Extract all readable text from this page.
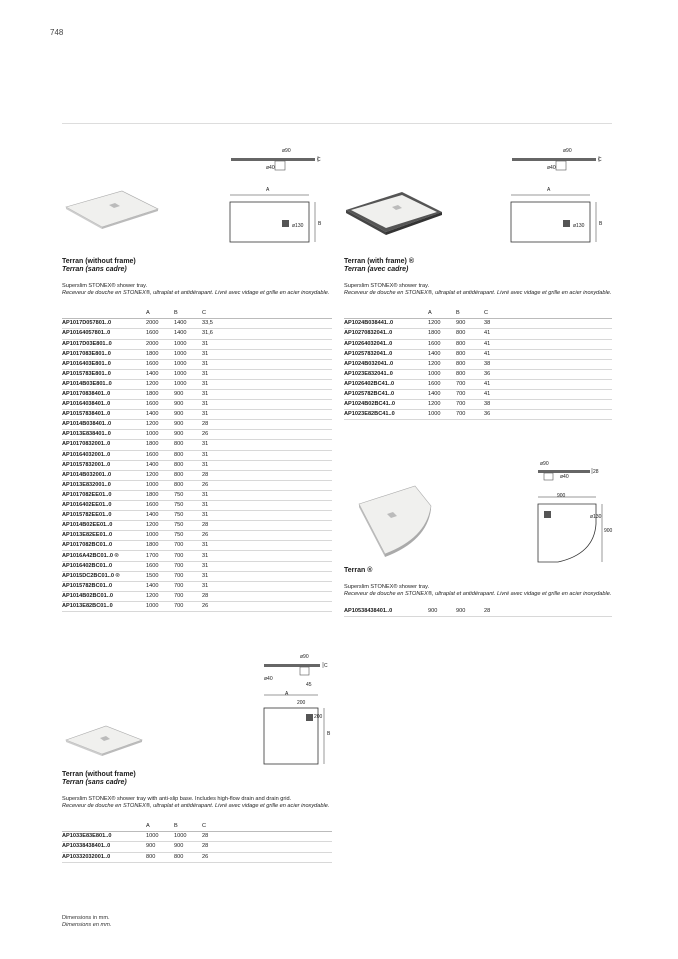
748
ø90
ø40
C
A
B
ø130
Terran (without frame)
Terran (sans cadre)
Superslim STONEX® shower tray.
Receveur de douche en STONEX®, ultraplat et antidérapant. Livré avec vidage et grille en acier inoxydable.
	A	B	C
AP1017D057801..0	2000	1400	33,5
AP10164057801..0	1600	1400	31,6
AP1017D03E801..0	2000	1000	31
AP1017083E801..0	1800	1000	31
AP1016403E801..0	1600	1000	31
AP1015783E801..0	1400	1000	31
AP1014B03E801..0	1200	1000	31
AP10170838401..0	1800	900	31
AP10164038401..0	1600	900	31
AP10157838401..0	1400	900	31
AP1014B038401..0	1200	900	28
AP1013E838401..0	1000	900	26
AP10170832001..0	1800	800	31
AP10164032001..0	1600	800	31
AP10157832001..0	1400	800	31
AP1014B032001..0	1200	800	28
AP1013E832001..0	1000	800	26
AP1017082EE01..0	1800	750	31
AP1016402EE01..0	1600	750	31
AP1015782EE01..0	1400	750	31
AP1014B02EE01..0	1200	750	28
AP1013E82EE01..0	1000	750	26
AP1017082BC01..0	1800	700	31
AP1016A42BC01..0 ®	1700	700	31
AP1016402BC01..0	1600	700	31
AP1015DC2BC01..0 ®	1500	700	31
AP1015782BC01..0	1400	700	31
AP1014B02BC01..0	1200	700	28
AP1013E82BC01..0	1000	700	26
ø90
ø40
C
A
B
ø130
Terran (with frame) ®
Terran (avec cadre)
Superslim STONEX® shower tray.
Receveur de douche en STONEX®, ultraplat et antidérapant. Livré avec vidage et grille en acier inoxydable.
	A	B	C
AP1024B038441..0	1200	900	38
AP10270832041..0	1800	800	41
AP10264032041..0	1600	800	41
AP10257832041..0	1400	800	41
AP1024B032041..0	1200	800	38
AP1023E832041..0	1000	800	36
AP1026402BC41..0	1600	700	41
AP1025782BC41..0	1400	700	41
AP1024B02BC41..0	1200	700	38
AP1023E82BC41..0	1000	700	36
ø90
ø40
28
900
900
ø130
Terran ®
Superslim STONEX® shower tray.
Receveur de douche en STONEX®, ultraplat et antidérapant. Livré avec vidage et grille en acier inoxydable.
AP10538438401..0	900	900	28
ø90
ø40
C
45
A
200
200
B
Terran (without frame)
Terran (sans cadre)
Superslim STONEX® shower tray with anti-slip base. Includes high-flow drain and drain grid.
Receveur de douche en STONEX®, ultraplat et antidérapant. Livré avec vidage et grille en acier inoxydable.
	A	B	C
AP1033E83E801..0	1000	1000	28
AP10338438401..0	900	900	28
AP10332032001..0	800	800	26
Dimensions in mm.
Dimensions en mm.
